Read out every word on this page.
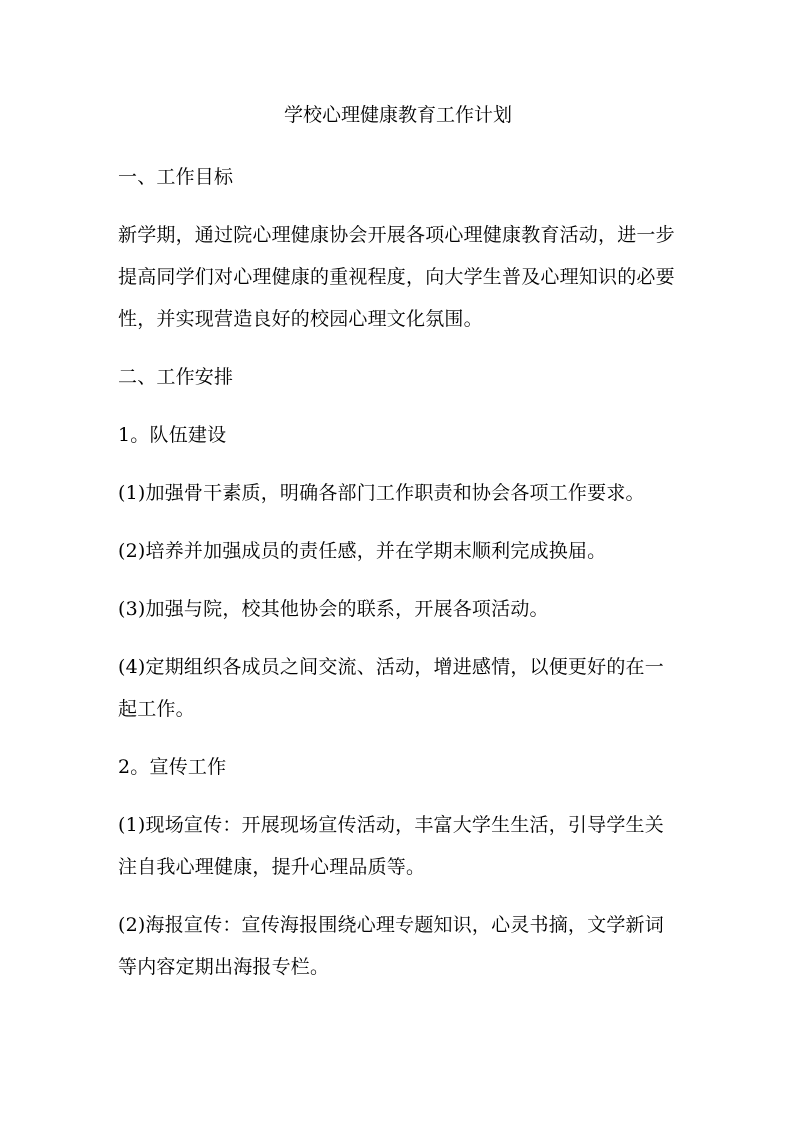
学校心理健康教育工作计划

一、工作目标

新学期，通过院心理健康协会开展各项心理健康教育活动，进一步提高同学们对心理健康的重视程度，向大学生普及心理知识的必要性，并实现营造良好的校园心理文化氛围。

二、工作安排

1。队伍建设

(1)加强骨干素质，明确各部门工作职责和协会各项工作要求。

(2)培养并加强成员的责任感，并在学期末顺利完成换届。

(3)加强与院，校其他协会的联系，开展各项活动。

(4)定期组织各成员之间交流、活动，增进感情，以便更好的在一起工作。

2。宣传工作

(1)现场宣传：开展现场宣传活动，丰富大学生生活，引导学生关注自我心理健康，提升心理品质等。

(2)海报宣传：宣传海报围绕心理专题知识，心灵书摘，文学新词等内容定期出海报专栏。
